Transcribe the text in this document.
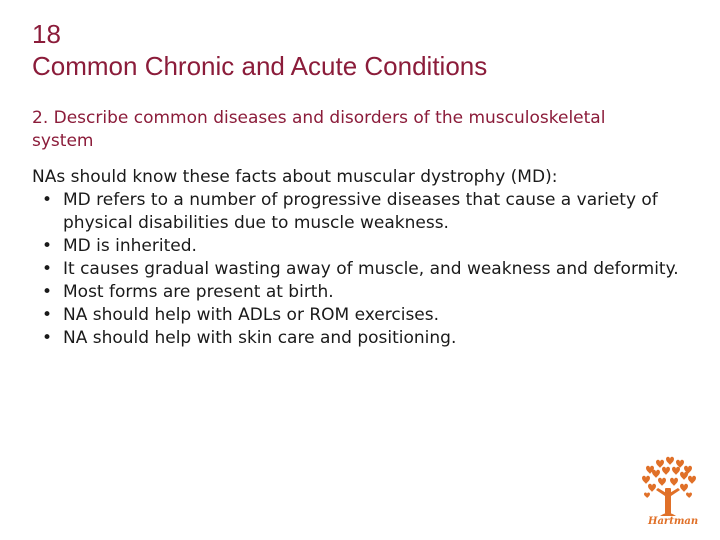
18
Common Chronic and Acute Conditions
2. Describe common diseases and disorders of the musculoskeletal system

NAs should know these facts about muscular dystrophy (MD):

• MD refers to a number of progressive diseases that cause a variety of physical disabilities due to muscle weakness.
• MD is inherited.
• It causes gradual wasting away of muscle, and weakness and deformity.
• Most forms are present at birth.
• NA should help with ADLs or ROM exercises.
• NA should help with skin care and positioning.
Hartman
